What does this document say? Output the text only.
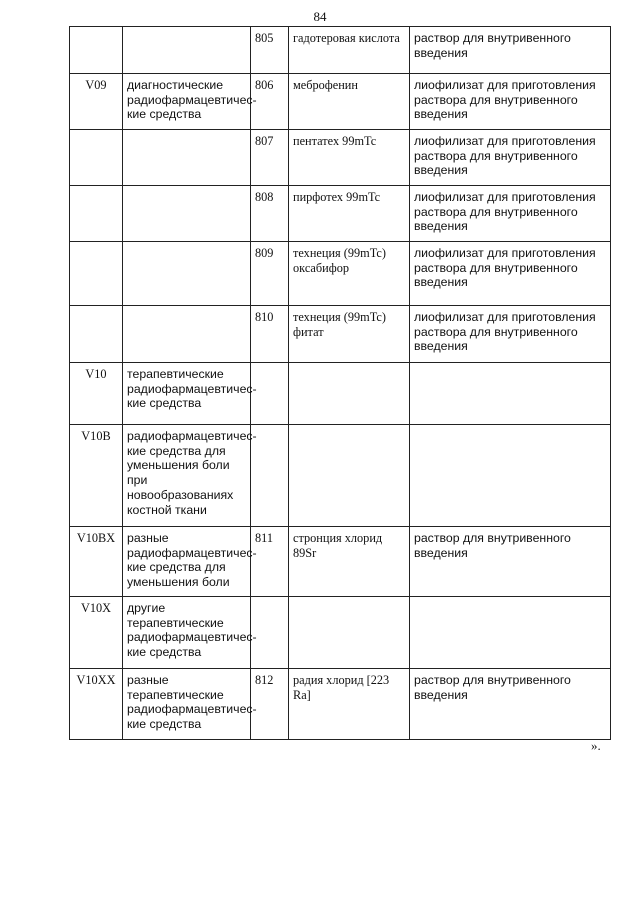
84
		805	гадотеровая кислота	раствор для внутривенного введения
V09	диагностические радиофармацевтичес-кие средства	806	меброфенин	лиофилизат для приготовления раствора для внутривенного введения
		807	пентатех 99mTc	лиофилизат для приготовления раствора для внутривенного введения
		808	пирфотех 99mTc	лиофилизат для приготовления раствора для внутривенного введения
		809	технеция (99mTc) оксабифор	лиофилизат для приготовления раствора для внутривенного введения
		810	технеция (99mTc) фитат	лиофилизат для приготовления раствора для внутривенного введения
V10	терапевтические радиофармацевтичес-кие средства			
V10B	радиофармацевтичес-кие средства для уменьшения боли при новообразованиях костной ткани			
V10BX	разные радиофармацевтичес-кие средства для уменьшения боли	811	стронция хлорид 89Sr	раствор для внутривенного введения
V10X	другие терапевтические радиофармацевтичес-кие средства			
V10XX	разные терапевтические радиофармацевтичес-кие средства	812	радия хлорид [223 Ra]	раствор для внутривенного введения
».
